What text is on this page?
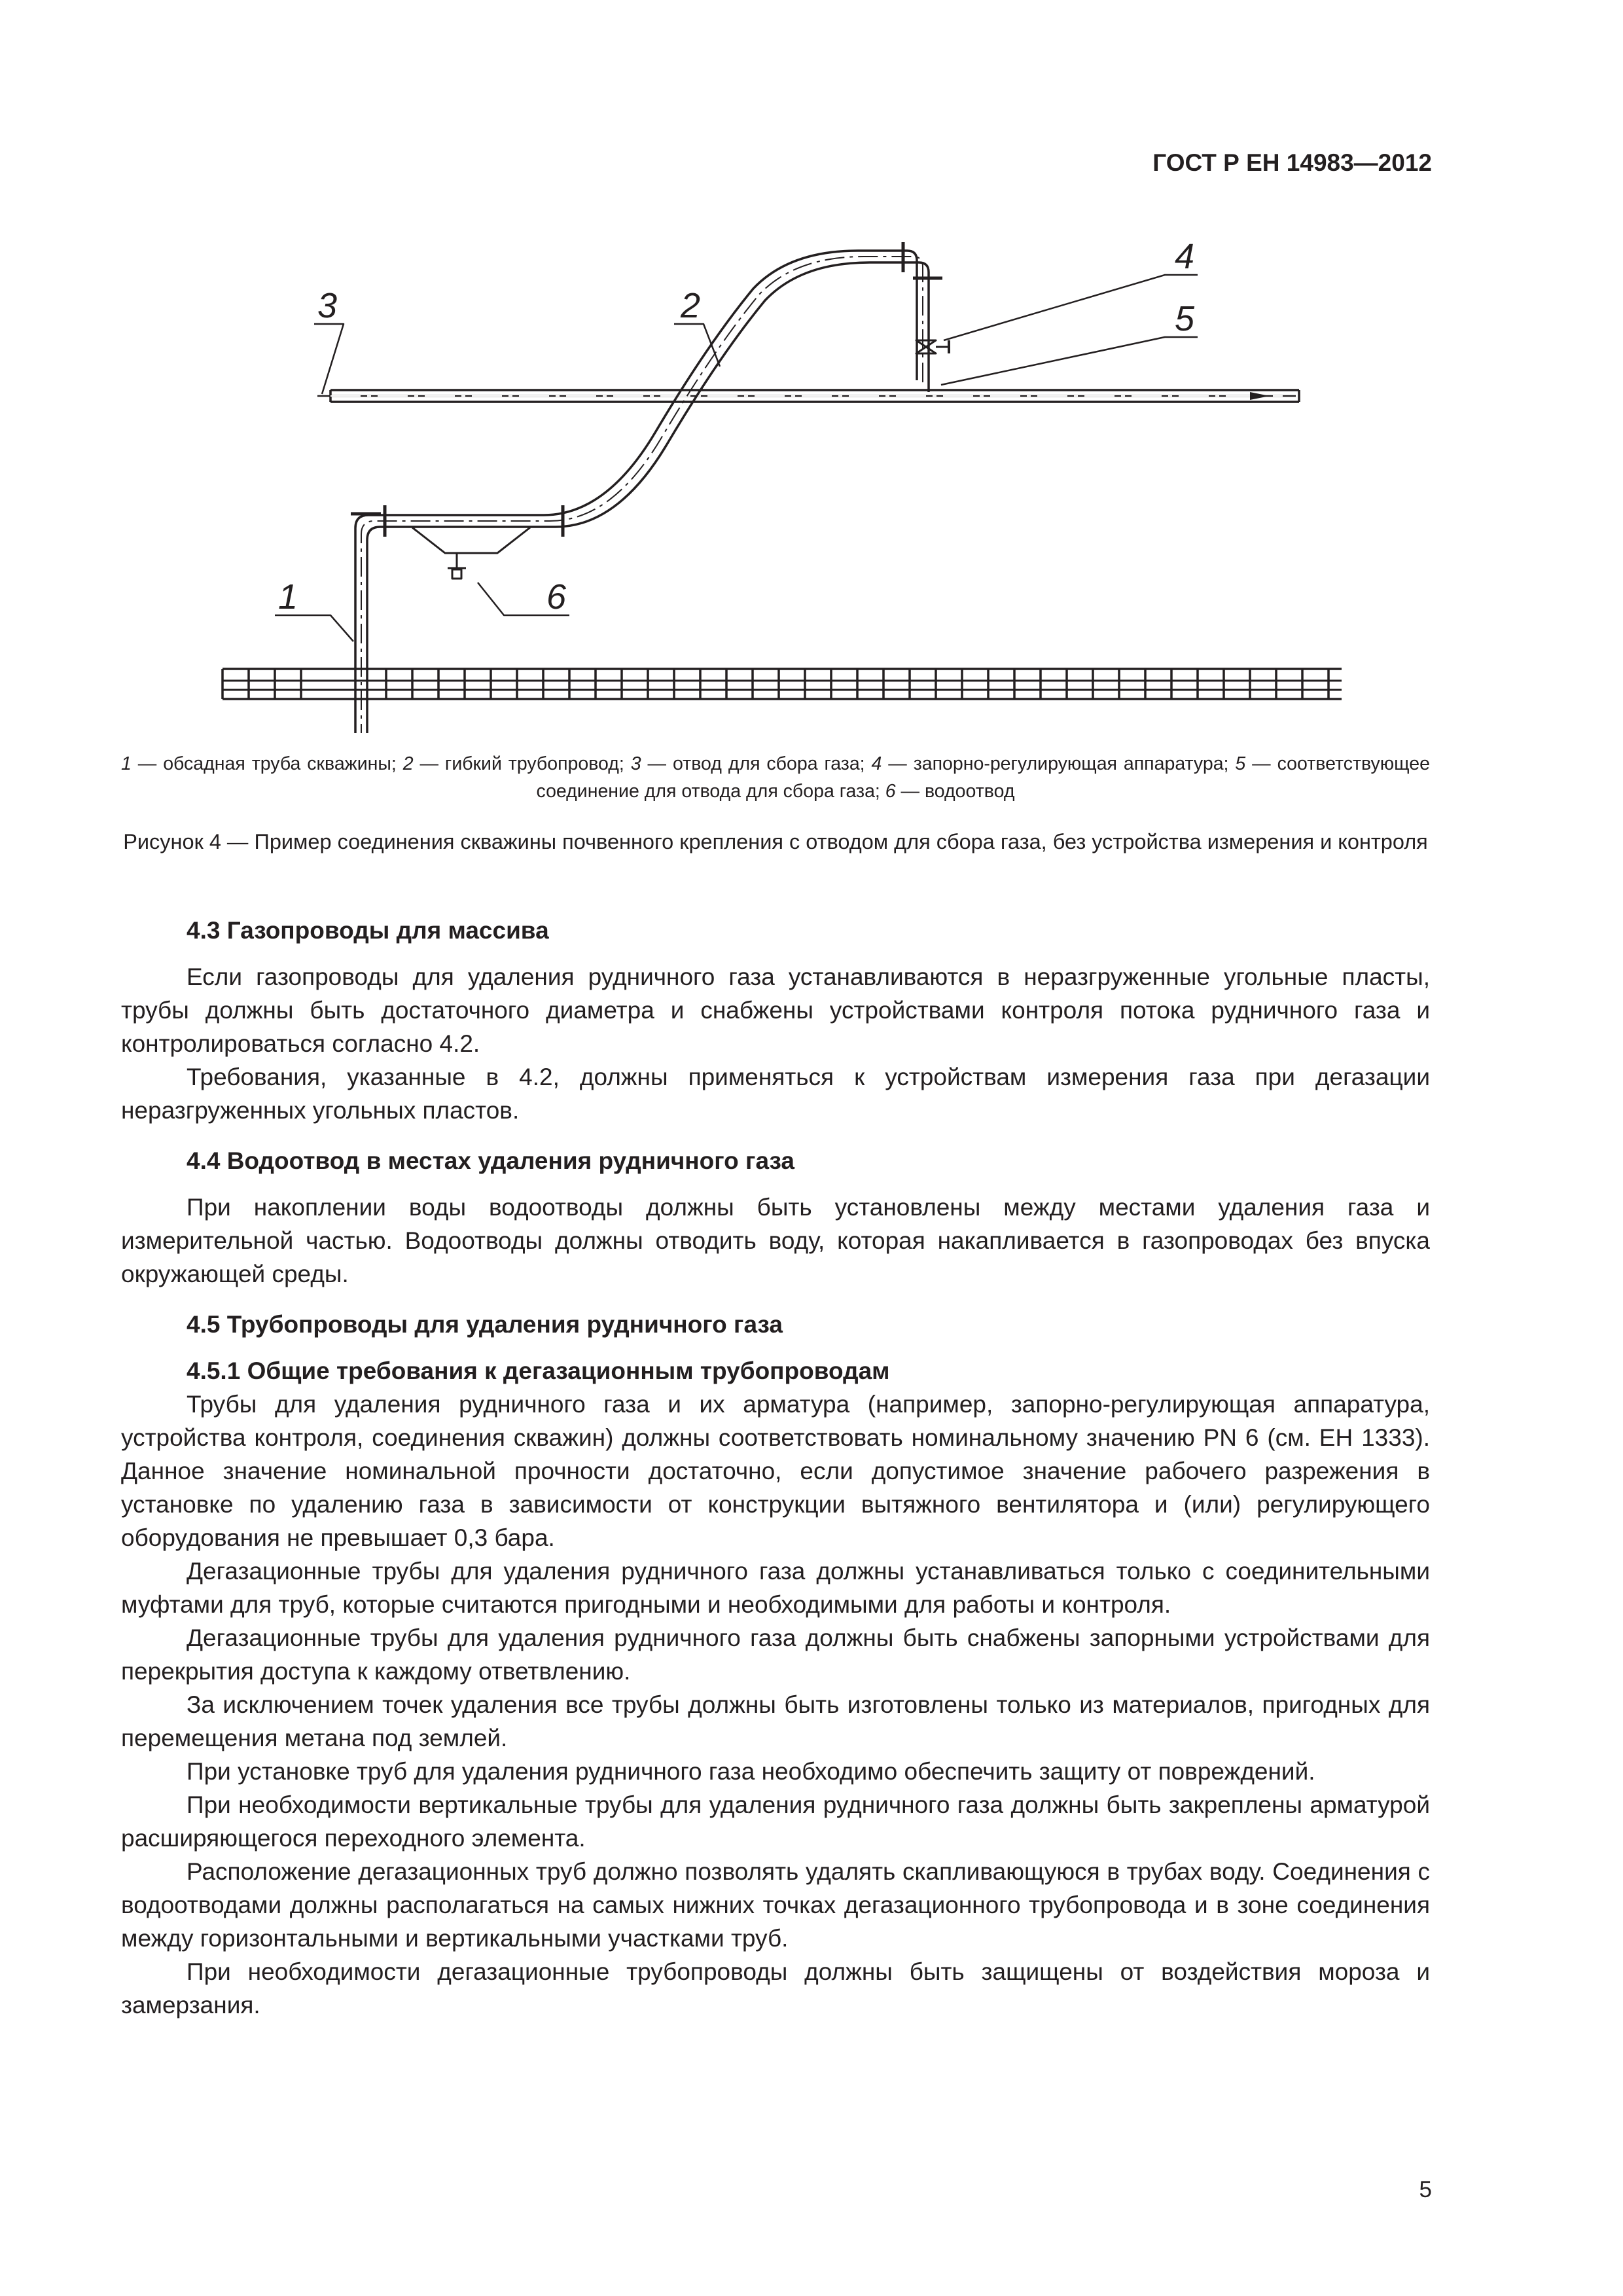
ГОСТ Р ЕН 14983—2012
1
2
3
4
5
6
1 — обсадная труба скважины; 2 — гибкий трубопровод; 3 — отвод для сбора газа; 4 — запорно-регулирующая аппаратура; 5 — соответствующее соединение для отвода для сбора газа; 6 — водоотвод
Рисунок 4 — Пример соединения скважины почвенного крепления с отводом для сбора газа, без устройства измерения и контроля
4.3 Газопроводы для массива

Если газопроводы для удаления рудничного газа устанавливаются в неразгруженные угольные пласты, трубы должны быть достаточного диаметра и снабжены устройствами контроля потока рудничного газа и контролироваться согласно 4.2.

Требования, указанные в 4.2, должны применяться к устройствам измерения газа при дегазации неразгруженных угольных пластов.

4.4 Водоотвод в местах удаления рудничного газа

При накоплении воды водоотводы должны быть установлены между местами удаления газа и измерительной частью. Водоотводы должны отводить воду, которая накапливается в газопроводах без впуска окружающей среды.

4.5 Трубопроводы для удаления рудничного газа
4.5.1 Общие требования к дегазационным трубопроводам

Трубы для удаления рудничного газа и их арматура (например, запорно-регулирующая аппаратура, устройства контроля, соединения скважин) должны соответствовать номинальному значению PN 6 (см. ЕН 1333). Данное значение номинальной прочности достаточно, если допустимое значение рабочего разрежения в установке по удалению газа в зависимости от конструкции вытяжного вентилятора и (или) регулирующего оборудования не превышает 0,3 бара.

Дегазационные трубы для удаления рудничного газа должны устанавливаться только с соединительными муфтами для труб, которые считаются пригодными и необходимыми для работы и контроля.

Дегазационные трубы для удаления рудничного газа должны быть снабжены запорными устройствами для перекрытия доступа к каждому ответвлению.

За исключением точек удаления все трубы должны быть изготовлены только из материалов, пригодных для перемещения метана под землей.

При установке труб для удаления рудничного газа необходимо обеспечить защиту от повреждений.

При необходимости вертикальные трубы для удаления рудничного газа должны быть закреплены арматурой расширяющегося переходного элемента.

Расположение дегазационных труб должно позволять удалять скапливающуюся в трубах воду. Соединения с водоотводами должны располагаться на самых нижних точках дегазационного трубопровода и в зоне соединения между горизонтальными и вертикальными участками труб.

При необходимости дегазационные трубопроводы должны быть защищены от воздействия мороза и замерзания.

5
